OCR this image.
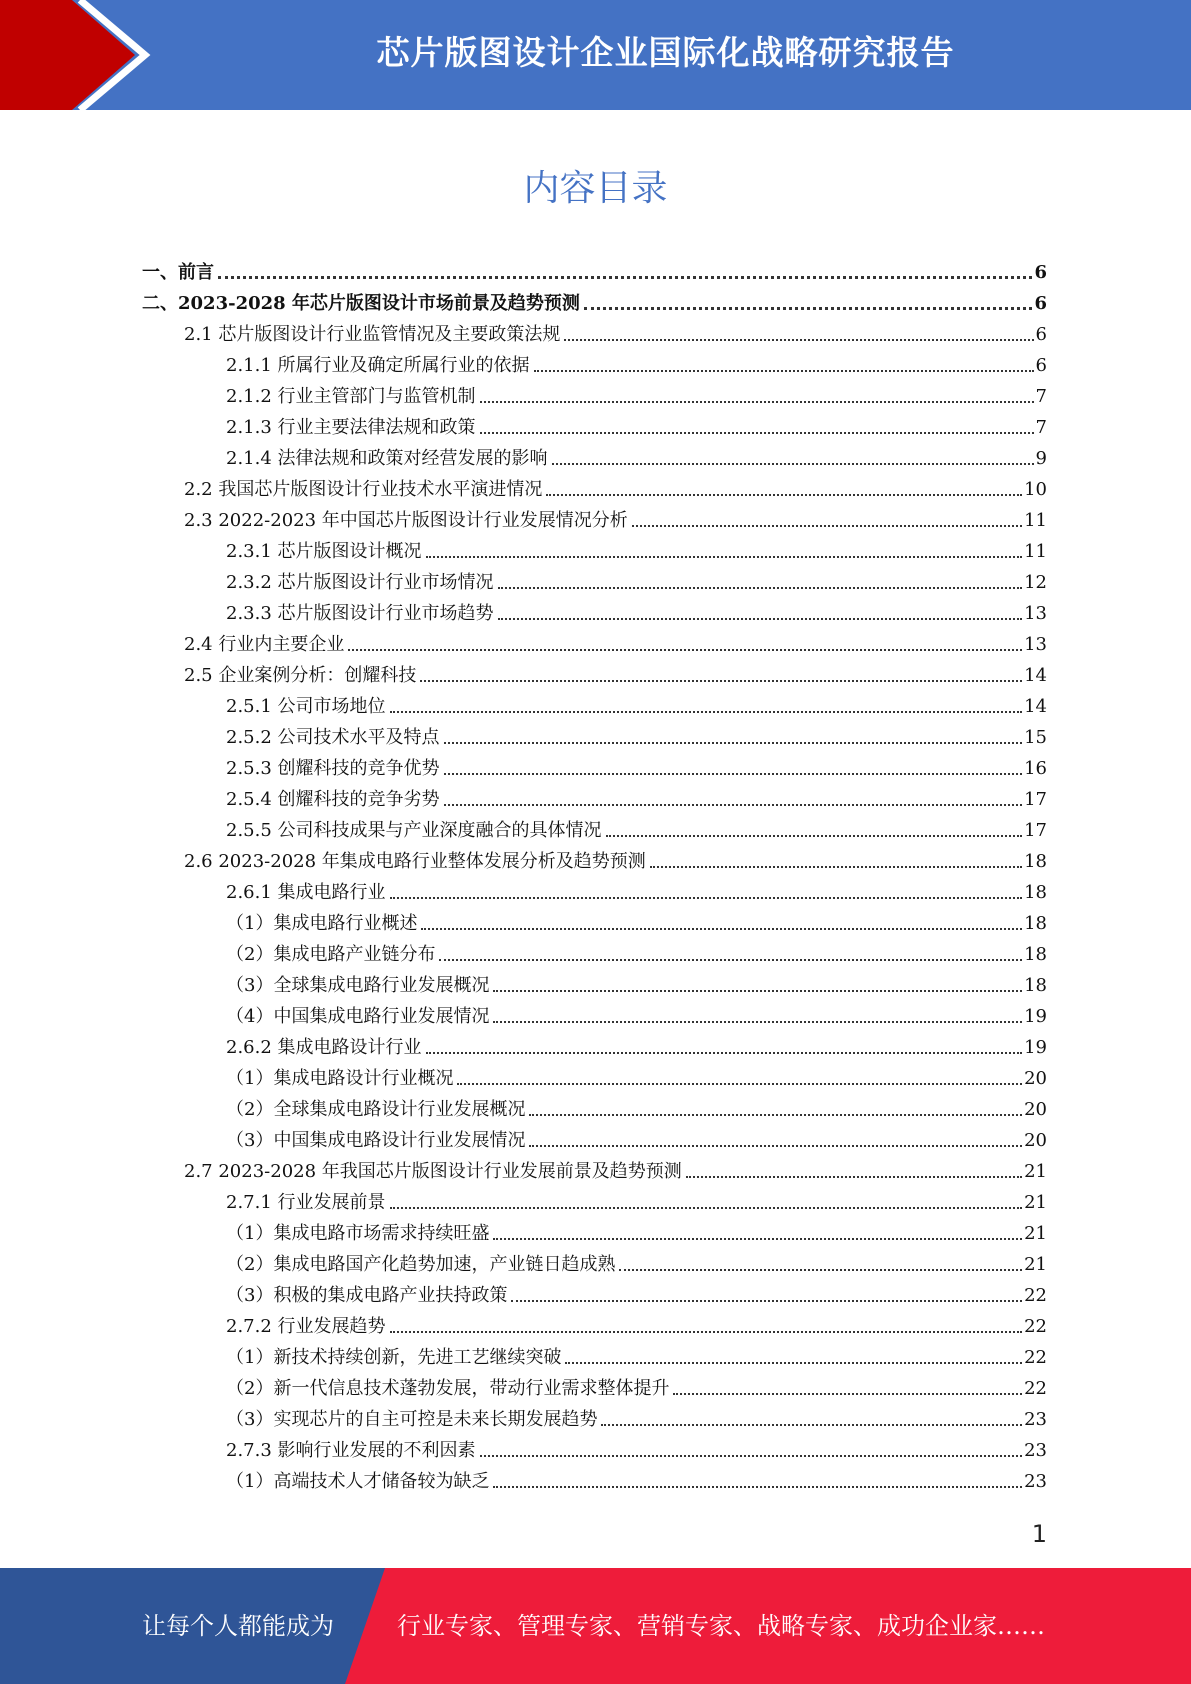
芯片版图设计企业国际化战略研究报告
内容目录
一、前言	6
二、2023-2028 年芯片版图设计市场前景及趋势预测	6
2.1 芯片版图设计行业监管情况及主要政策法规	6
2.1.1 所属行业及确定所属行业的依据	6
2.1.2 行业主管部门与监管机制	7
2.1.3 行业主要法律法规和政策	7
2.1.4 法律法规和政策对经营发展的影响	9
2.2 我国芯片版图设计行业技术水平演进情况	10
2.3 2022-2023 年中国芯片版图设计行业发展情况分析	11
2.3.1 芯片版图设计概况	11
2.3.2 芯片版图设计行业市场情况	12
2.3.3 芯片版图设计行业市场趋势	13
2.4 行业内主要企业	13
2.5 企业案例分析：创耀科技	14
2.5.1 公司市场地位	14
2.5.2 公司技术水平及特点	15
2.5.3 创耀科技的竞争优势	16
2.5.4 创耀科技的竞争劣势	17
2.5.5 公司科技成果与产业深度融合的具体情况	17
2.6 2023-2028 年集成电路行业整体发展分析及趋势预测	18
2.6.1 集成电路行业	18
（1）集成电路行业概述	18
（2）集成电路产业链分布	18
（3）全球集成电路行业发展概况	18
（4）中国集成电路行业发展情况	19
2.6.2 集成电路设计行业	19
（1）集成电路设计行业概况	20
（2）全球集成电路设计行业发展概况	20
（3）中国集成电路设计行业发展情况	20
2.7 2023-2028 年我国芯片版图设计行业发展前景及趋势预测	21
2.7.1 行业发展前景	21
（1）集成电路市场需求持续旺盛	21
（2）集成电路国产化趋势加速，产业链日趋成熟	21
（3）积极的集成电路产业扶持政策	22
2.7.2 行业发展趋势	22
（1）新技术持续创新，先进工艺继续突破	22
（2）新一代信息技术蓬勃发展，带动行业需求整体提升	22
（3）实现芯片的自主可控是未来长期发展趋势	23
2.7.3 影响行业发展的不利因素	23
（1）高端技术人才储备较为缺乏	23
1
让每个人都能成为	行业专家、管理专家、营销专家、战略专家、成功企业家……
